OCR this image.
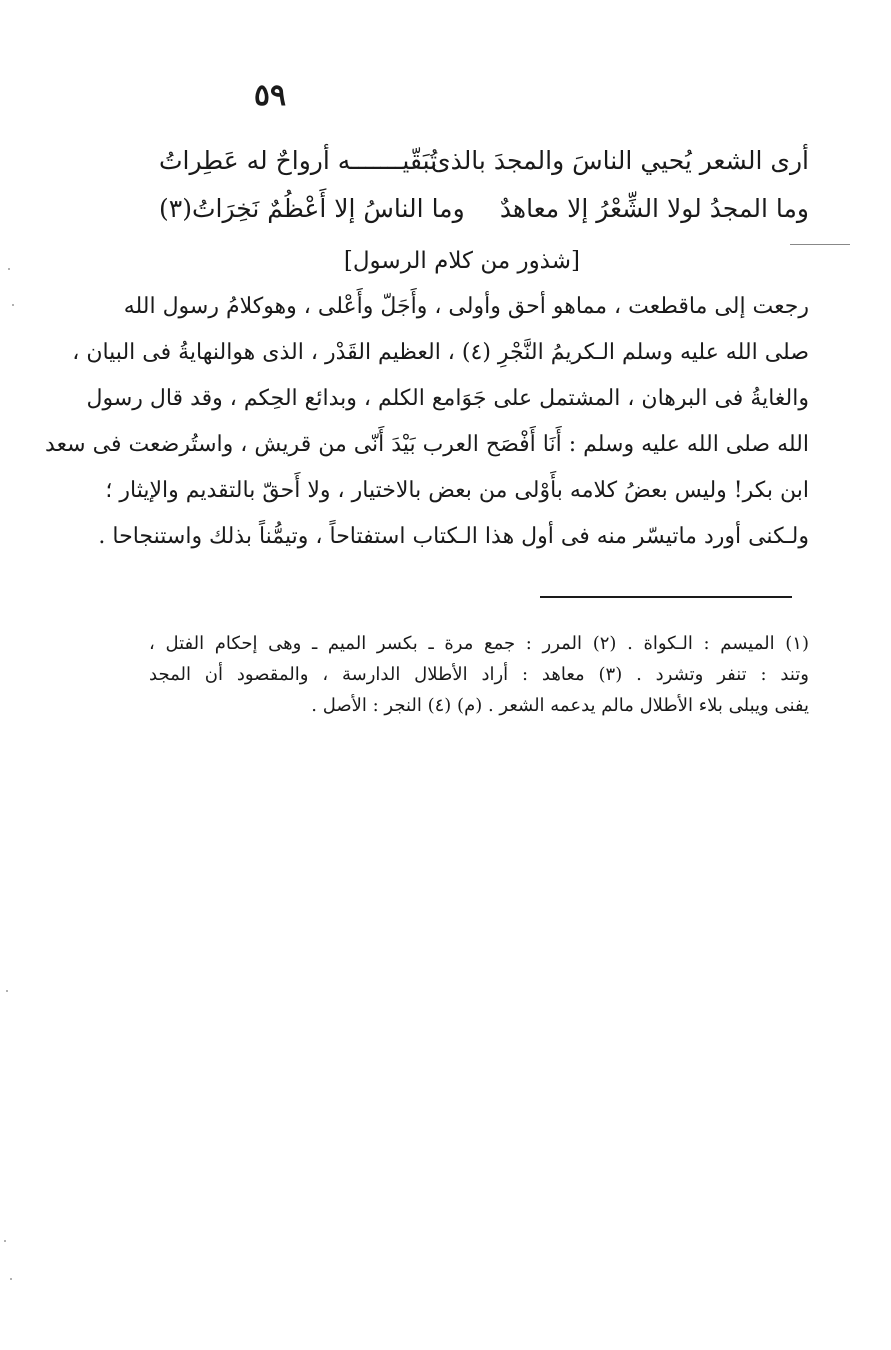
٥٩
أرى الشعر يُحيي الناسَ والمجدَ بالذى
تُبَقّيـــــــه أرواحٌ له عَطِراتُ
وما المجدُ لولا الشِّعْرُ إلا معاهدٌ
وما الناسُ إلا أَعْظُمٌ نَخِرَاتُ(٣)
[شذور من كلام الرسول]
رجعت إلى ماقطعت ، مماهو أحق وأولى ، وأَجَلّ وأَعْلى ، وهوكلامُ رسول الله
صلى الله عليه وسلم الـكريمُ النَّجْرِ (٤) ، العظيم القَدْر ، الذى هوالنهايةُ فى البيان ،
والغايةُ فى البرهان ، المشتمل على جَوَامع الكلم ، وبدائع الحِكم ، وقد قال رسول
الله صلى الله عليه وسلم : أَنَا أَفْصَح العرب بَيْدَ أَنّى من قريش ، واستُرضعت فى سعد
ابن بكر! وليس بعضُ كلامه بأَوْلى من بعض بالاختيار ، ولا أَحقّ بالتقديم والإيثار ؛
ولـكنى أورد ماتيسّر منه فى أول هذا الـكتاب استفتاحاً ، وتيمُّناً بذلك واستنجاحا .
(١) الميسم : الـكواة . (٢) المرر : جمع مرة ـ بكسر الميم ـ وهى إحكام الفتل ،
وتند : تنفر وتشرد . (٣) معاهد : أراد الأطلال الدارسة ، والمقصود أن المجد
يفنى ويبلى بلاء الأطلال مالم يدعمه الشعر . (م) (٤) النجر : الأصل .
